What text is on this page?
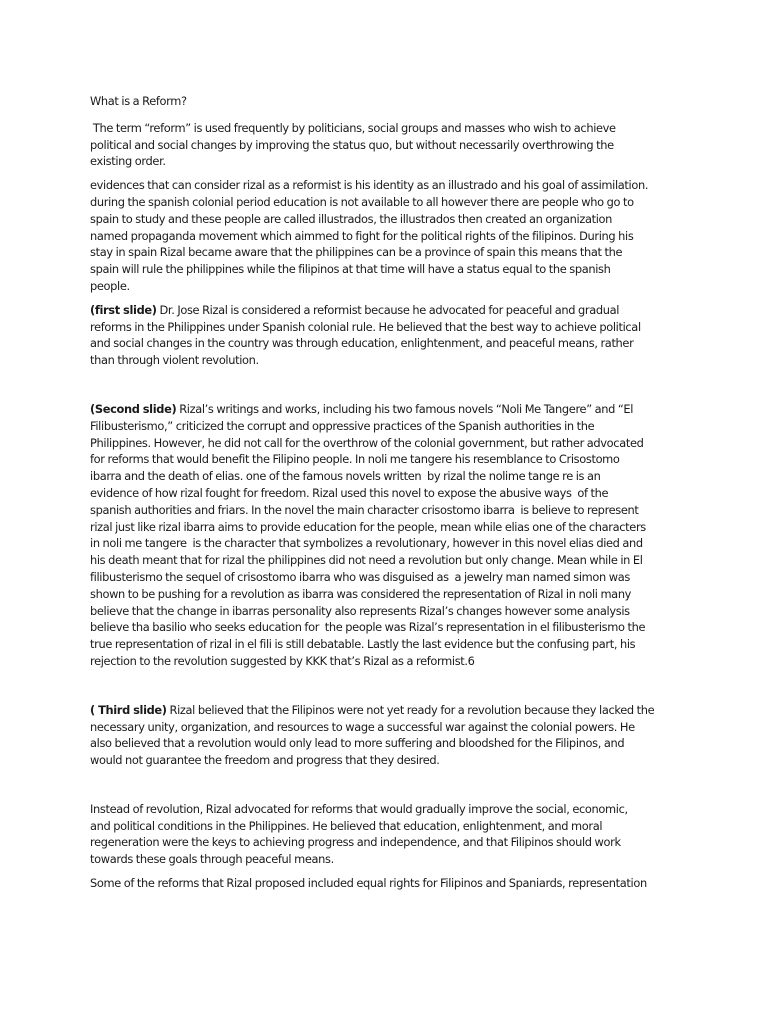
What is a Reform?

The term “reform” is used frequently by politicians, social groups and masses who wish to achieve
political and social changes by improving the status quo, but without necessarily overthrowing the
existing order.

evidences that can consider rizal as a reformist is his identity as an illustrado and his goal of assimilation.
during the spanish colonial period education is not available to all however there are people who go to
spain to study and these people are called illustrados, the illustrados then created an organization
named propaganda movement which aimmed to fight for the political rights of the filipinos. During his
stay in spain Rizal became aware that the philippines can be a province of spain this means that the
spain will rule the philippines while the filipinos at that time will have a status equal to the spanish
people.

(first slide) Dr. Jose Rizal is considered a reformist because he advocated for peaceful and gradual
reforms in the Philippines under Spanish colonial rule. He believed that the best way to achieve political
and social changes in the country was through education, enlightenment, and peaceful means, rather
than through violent revolution.

(Second slide) Rizal’s writings and works, including his two famous novels “Noli Me Tangere” and “El
Filibusterismo,” criticized the corrupt and oppressive practices of the Spanish authorities in the
Philippines. However, he did not call for the overthrow of the colonial government, but rather advocated
for reforms that would benefit the Filipino people. In noli me tangere his resemblance to Crisostomo
ibarra and the death of elias. one of the famous novels written  by rizal the nolime tange re is an
evidence of how rizal fought for freedom. Rizal used this novel to expose the abusive ways  of the
spanish authorities and friars. In the novel the main character crisostomo ibarra  is believe to represent
rizal just like rizal ibarra aims to provide education for the people, mean while elias one of the characters
in noli me tangere  is the character that symbolizes a revolutionary, however in this novel elias died and
his death meant that for rizal the philippines did not need a revolution but only change. Mean while in El
filibusterismo the sequel of crisostomo ibarra who was disguised as  a jewelry man named simon was
shown to be pushing for a revolution as ibarra was considered the representation of Rizal in noli many
believe that the change in ibarras personality also represents Rizal’s changes however some analysis
believe tha basilio who seeks education for  the people was Rizal’s representation in el filibusterismo the
true representation of rizal in el fili is still debatable. Lastly the last evidence but the confusing part, his
rejection to the revolution suggested by KKK that’s Rizal as a reformist.6

( Third slide) Rizal believed that the Filipinos were not yet ready for a revolution because they lacked the
necessary unity, organization, and resources to wage a successful war against the colonial powers. He
also believed that a revolution would only lead to more suffering and bloodshed for the Filipinos, and
would not guarantee the freedom and progress that they desired.

Instead of revolution, Rizal advocated for reforms that would gradually improve the social, economic,
and political conditions in the Philippines. He believed that education, enlightenment, and moral
regeneration were the keys to achieving progress and independence, and that Filipinos should work
towards these goals through peaceful means.

Some of the reforms that Rizal proposed included equal rights for Filipinos and Spaniards, representation
